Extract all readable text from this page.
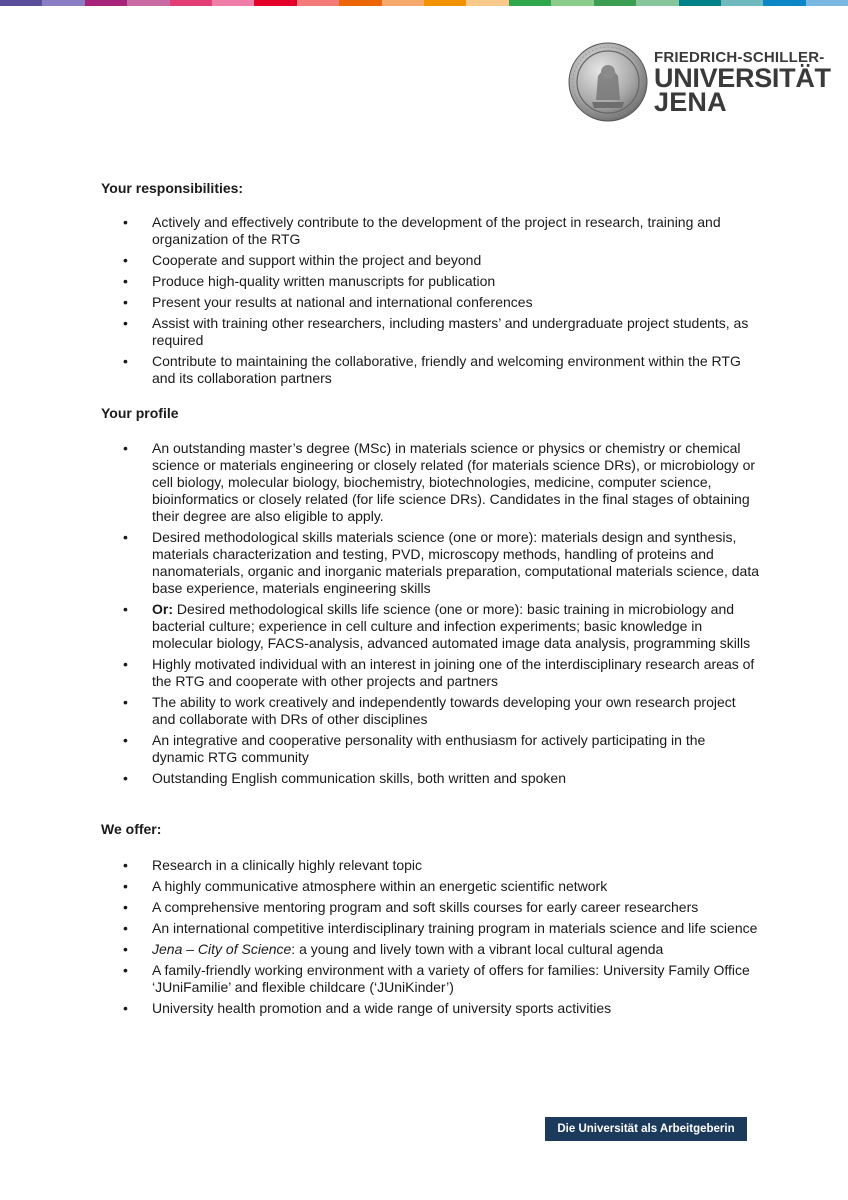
FRIEDRICH-SCHILLER-
UNIVERSITÄT
JENA
Your responsibilities:
• Actively and effectively contribute to the development of the project in research, training and organization of the RTG
• Cooperate and support within the project and beyond
• Produce high-quality written manuscripts for publication
• Present your results at national and international conferences
• Assist with training other researchers, including masters’ and undergraduate project students, as required
• Contribute to maintaining the collaborative, friendly and welcoming environment within the RTG and its collaboration partners
Your profile
• An outstanding master’s degree (MSc) in materials science or physics or chemistry or chemical science or materials engineering or closely related (for materials science DRs), or microbiology or cell biology, molecular biology, biochemistry, biotechnologies, medicine, computer science, bioinformatics or closely related (for life science DRs). Candidates in the final stages of obtaining their degree are also eligible to apply.
• Desired methodological skills materials science (one or more): materials design and synthesis, materials characterization and testing, PVD, microscopy methods, handling of proteins and nanomaterials, organic and inorganic materials preparation, computational materials science, data base experience, materials engineering skills
• Or: Desired methodological skills life science (one or more): basic training in microbiology and bacterial culture; experience in cell culture and infection experiments; basic knowledge in molecular biology, FACS-analysis, advanced automated image data analysis, programming skills
• Highly motivated individual with an interest in joining one of the interdisciplinary research areas of the RTG and cooperate with other projects and partners
• The ability to work creatively and independently towards developing your own research project and collaborate with DRs of other disciplines
• An integrative and cooperative personality with enthusiasm for actively participating in the dynamic RTG community
• Outstanding English communication skills, both written and spoken
We offer:
• Research in a clinically highly relevant topic
• A highly communicative atmosphere within an energetic scientific network
• A comprehensive mentoring program and soft skills courses for early career researchers
• An international competitive interdisciplinary training program in materials science and life science
• Jena – City of Science: a young and lively town with a vibrant local cultural agenda
• A family-friendly working environment with a variety of offers for families: University Family Office ‘JUniFamilie’ and flexible childcare (‘JUniKinder’)
• University health promotion and a wide range of university sports activities
Die Universität als Arbeitgeberin
